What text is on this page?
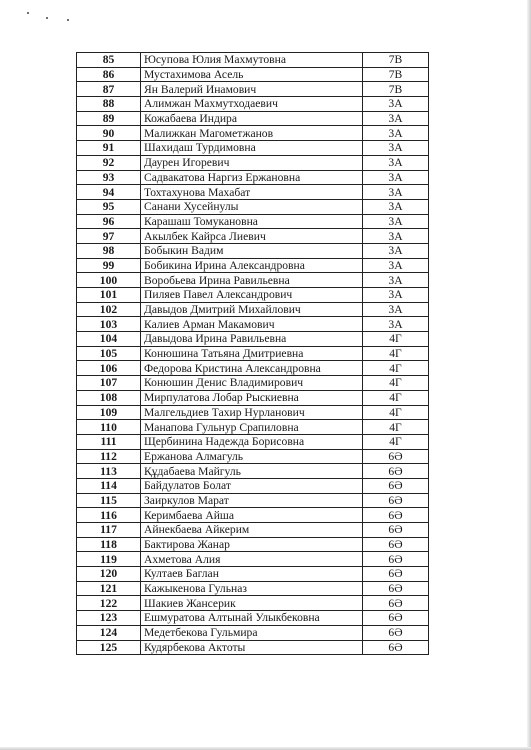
85	Юсупова Юлия Махмутовна	7В
86	Мустахимова Асель	7В
87	Ян Валерий Инамович	7В
88	Алимжан Махмутходаевич	3А
89	Кожабаева Индира	3А
90	Малижкан Магометжанов	3А
91	Шахидаш Турдимовна	3А
92	Даурен Игоревич	3А
93	Садвакатова Наргиз Ержановна	3А
94	Тохтахунова Махабат	3А
95	Санани Хусейнулы	3А
96	Карашаш Томукановна	3А
97	Акылбек Кайрса Лиевич	3А
98	Бобыкин Вадим	3А
99	Бобикина Ирина Александровна	3А
100	Воробьева Ирина Равильевна	3А
101	Пиляев Павел Александрович	3А
102	Давыдов Дмитрий Михайлович	3А
103	Калиев Арман Макамович	3А
104	Давыдова Ирина Равильевна	4Г
105	Конюшина Татьяна Дмитриевна	4Г
106	Федорова Кристина Александровна	4Г
107	Конюшин Денис Владимирович	4Г
108	Мирпулатова Лобар Рыскиевна	4Г
109	Малгельдиев Тахир Нурланович	4Г
110	Манапова Гульнур Срапиловна	4Г
111	Щербинина Надежда Борисовна	4Г
112	Ержанова Алмагуль	6Ә
113	Құдабаева Майгуль	6Ә
114	Байдулатов Болат	6Ә
115	Заиркулов Марат	6Ә
116	Керимбаева Айша	6Ә
117	Айнекбаева Айкерим	6Ә
118	Бактирова Жанар	6Ә
119	Ахметова Алия	6Ә
120	Култаев Баглан	6Ә
121	Кажыкенова Гульназ	6Ә
122	Шакиев Жансерик	6Ә
123	Ешмуратова Алтынай Улыкбековна	6Ә
124	Медетбекова Гульмира	6Ә
125	Кудярбекова Актоты	6Ә
